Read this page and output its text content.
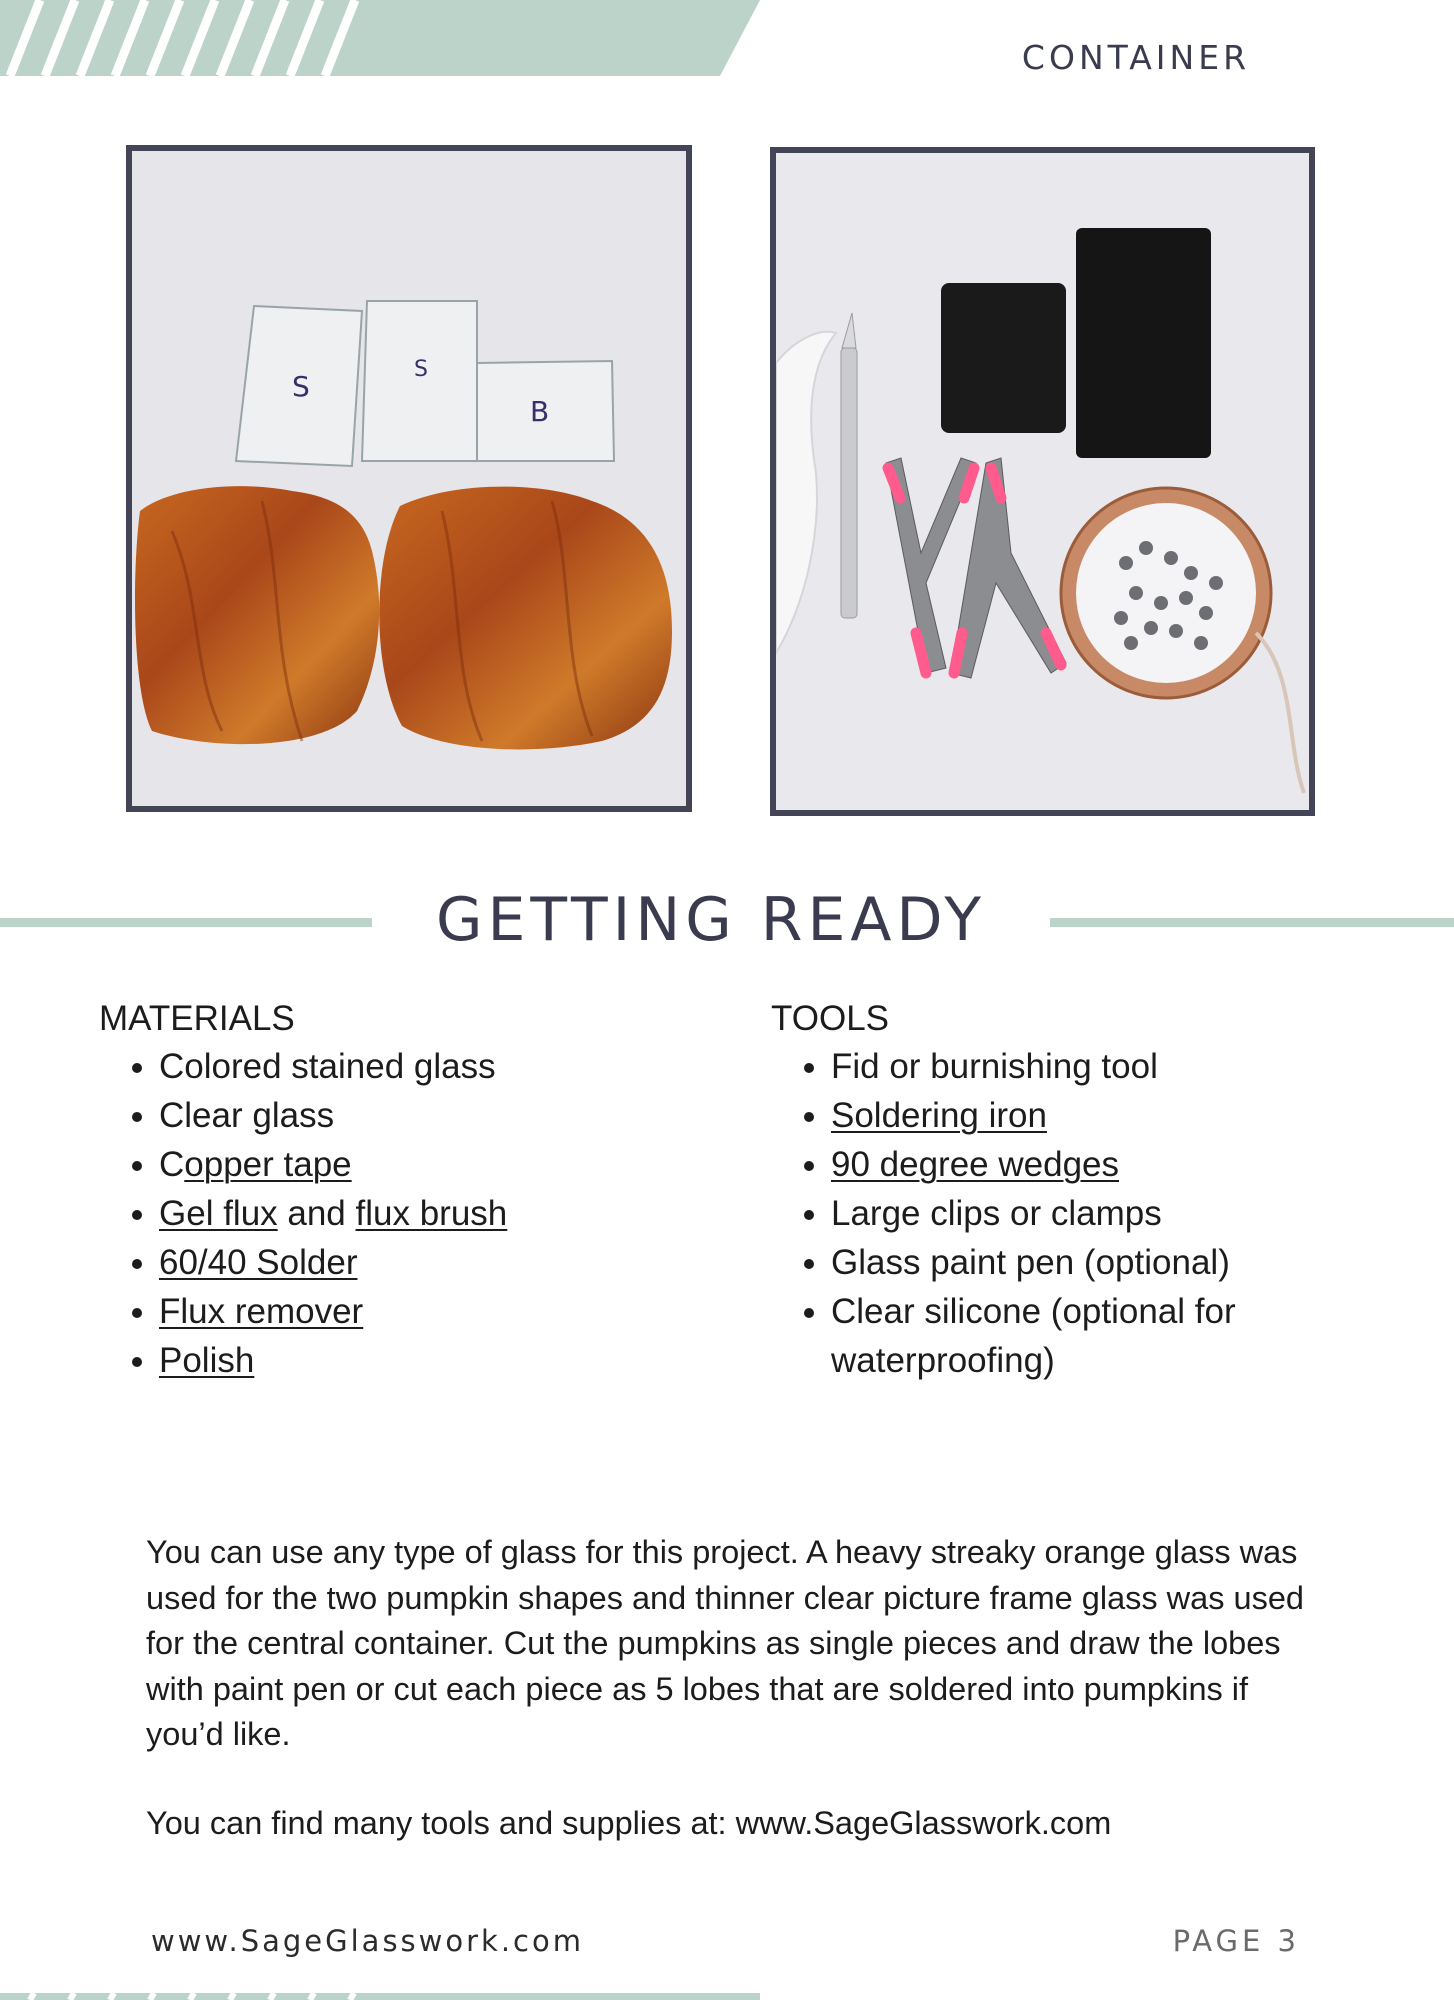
CONTAINER
S
S
B
GETTING READY
MATERIALS
• Colored stained glass
• Clear glass
• Copper tape
• Gel flux and flux brush
• 60/40 Solder
• Flux remover
• Polish
TOOLS
• Fid or burnishing tool
• Soldering iron
• 90 degree wedges
• Large clips or clamps
• Glass paint pen (optional)
• Clear silicone (optional for waterproofing)

You can use any type of glass for this project. A heavy streaky orange glass was used for the two pumpkin shapes and thinner clear picture frame glass was used for the central container. Cut the pumpkins as single pieces and draw the lobes with paint pen or cut each piece as 5 lobes that are soldered into pumpkins if you’d like.

You can find many tools and supplies at: www.SageGlasswork.com

www.SageGlasswork.com	PAGE 3
